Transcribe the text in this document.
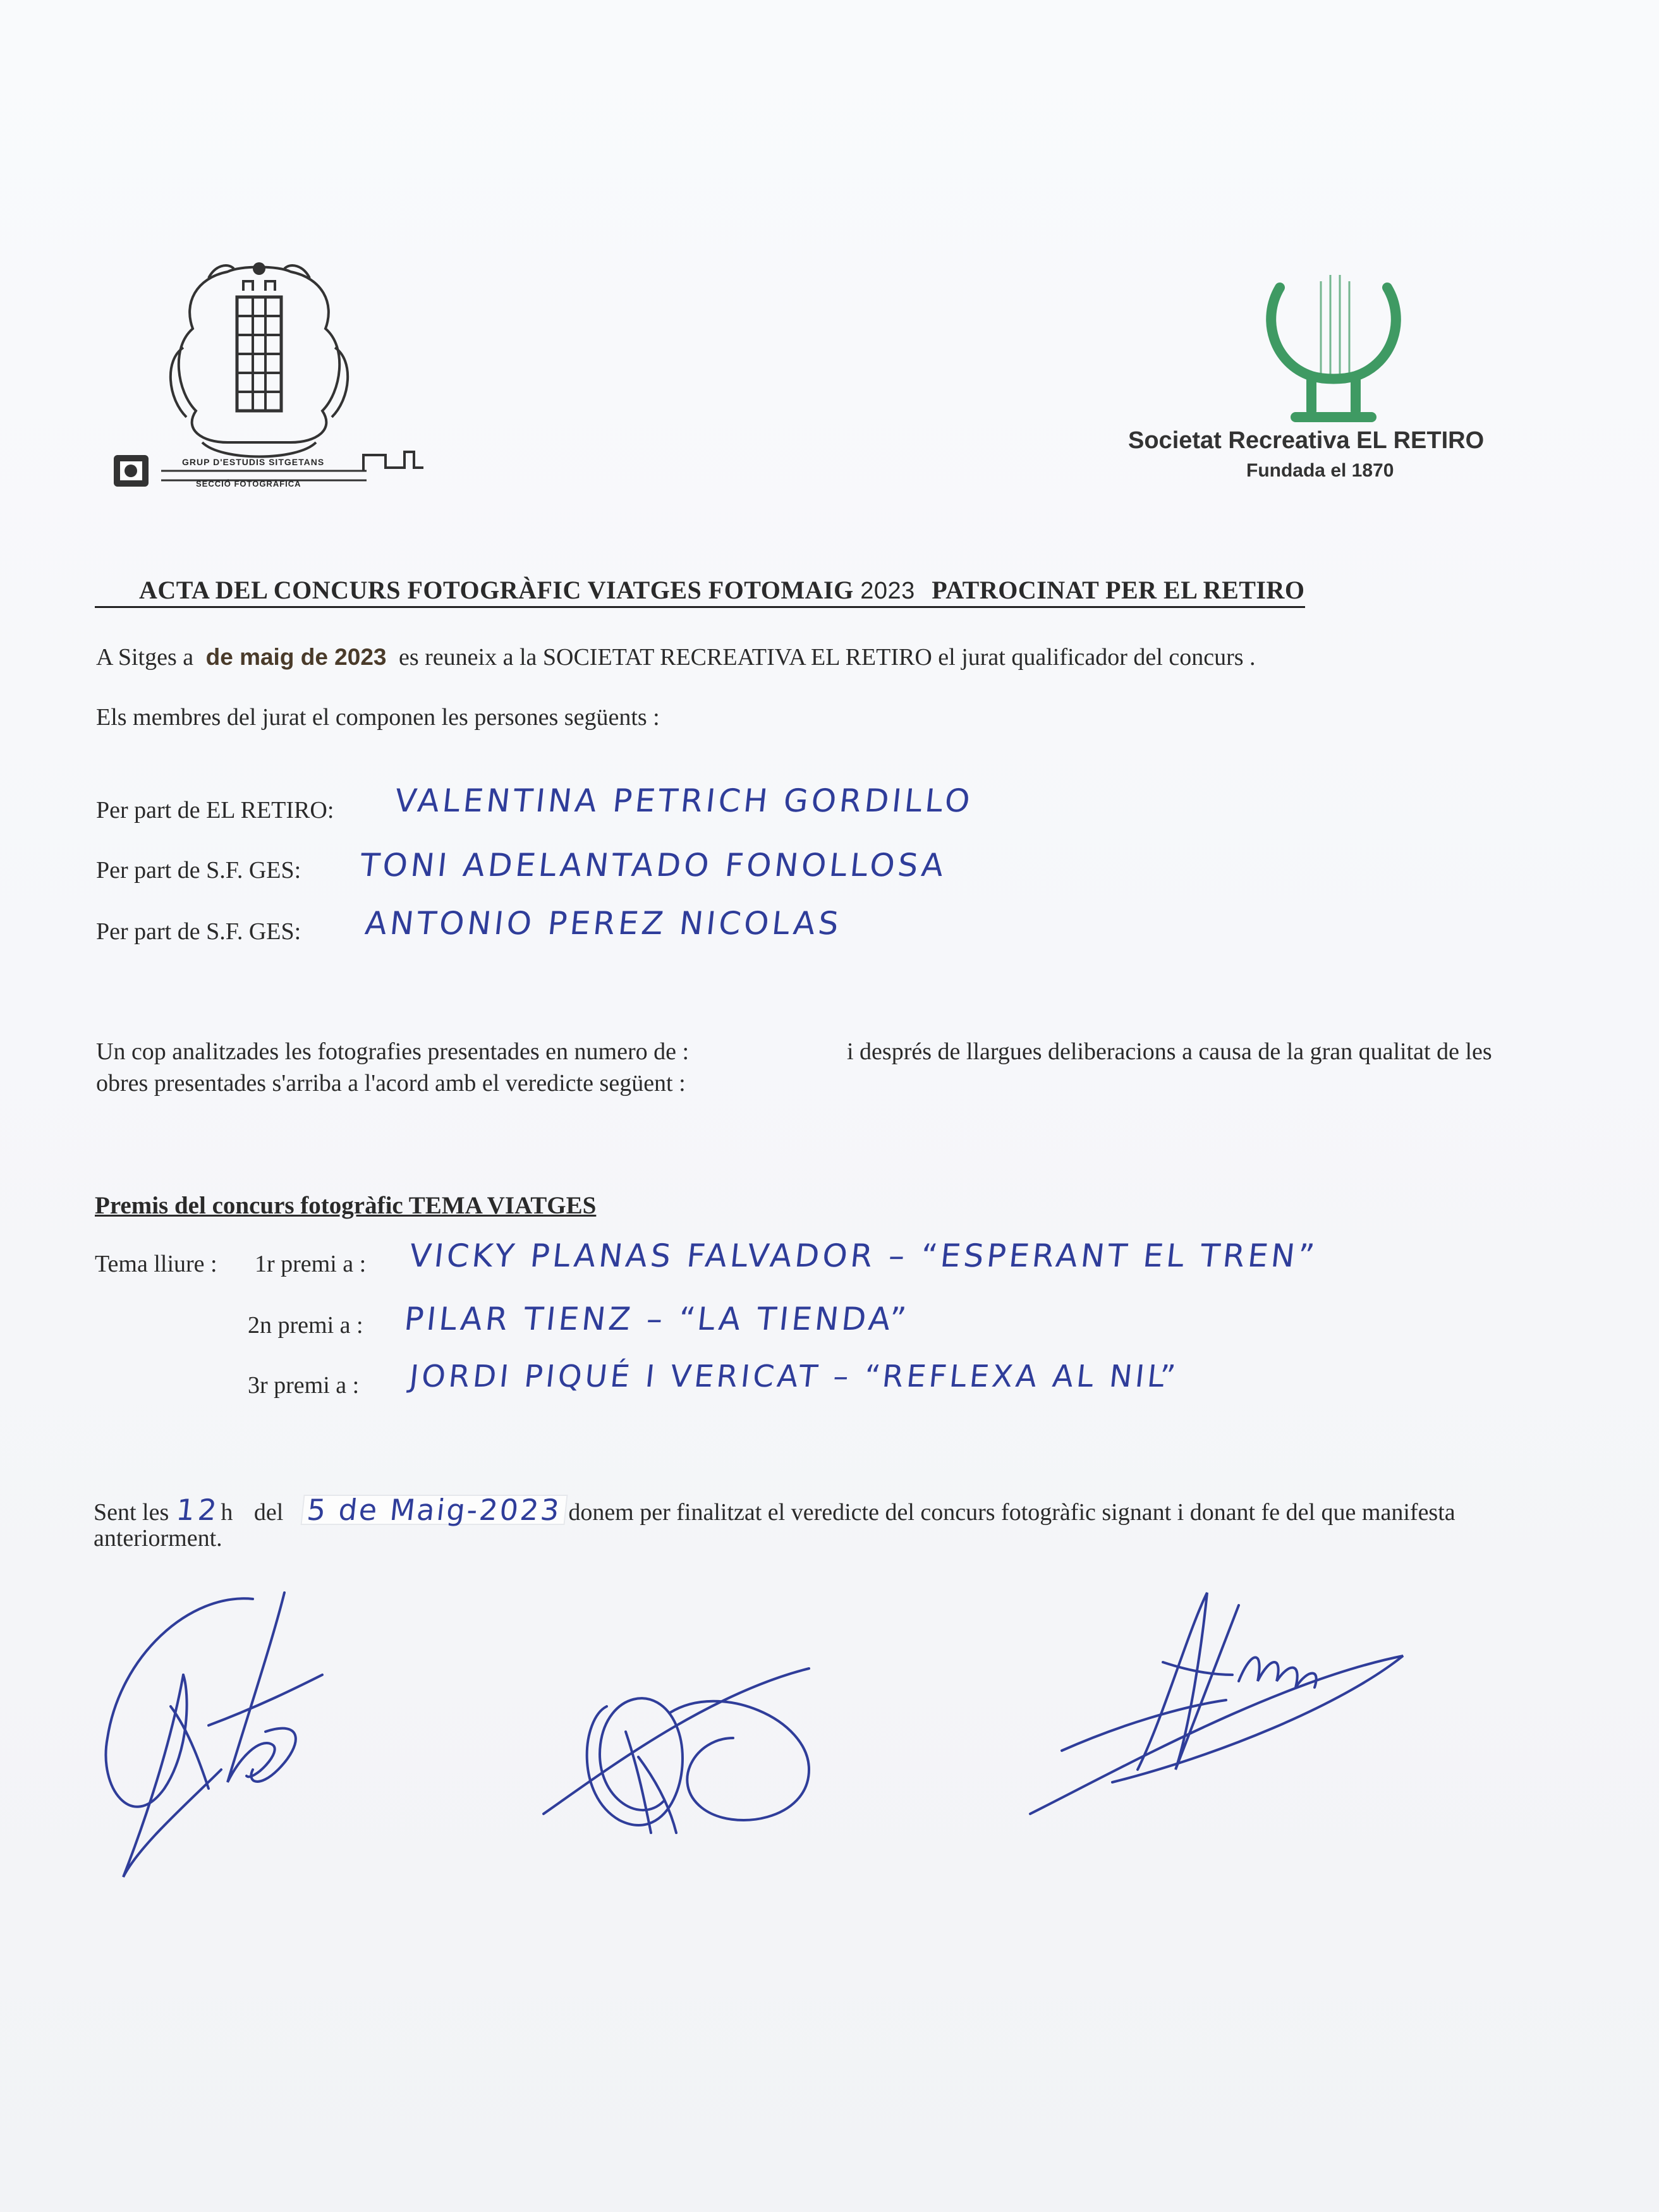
GRUP D'ESTUDIS SITGETANS
SECCIÓ FOTOGRÀFICA
Societat Recreativa EL RETIRO
Fundada el 1870
ACTA DEL CONCURS FOTOGRÀFIC VIATGES FOTOMAIG 2023 PATROCINAT PER EL RETIRO
A Sitges a de maig de 2023 es reuneix a la SOCIETAT RECREATIVA EL RETIRO el jurat qualificador del concurs .
Els membres del jurat el componen les persones següents :
Per part de EL RETIRO: VALENTINA PETRICH GORDILLO
Per part de S.F. GES: TONI ADELANTADO FONOLLOSA
Per part de S.F. GES: ANTONIO PEREZ NICOLAS
Un cop analitzades les fotografies presentades en numero de :	i després de llargues deliberacions a causa de la gran qualitat de les
obres presentades s'arriba a l'acord amb el veredicte següent :
Premis del concurs fotogràfic TEMA VIATGES
Tema lliure : 1r premi a : VICKY PLANAS FALVADOR – “ESPERANT EL TREN”
2n premi a : PILAR TIENZ – “LA TIENDA”
3r premi a : JORDI PIQUÉ I VERICAT – “REFLEXA AL NIL”
Sent les 12h del 5 de Maig-2023 donem per finalitzat el veredicte del concurs fotogràfic signant i donant fe del que manifesta
anteriorment.
